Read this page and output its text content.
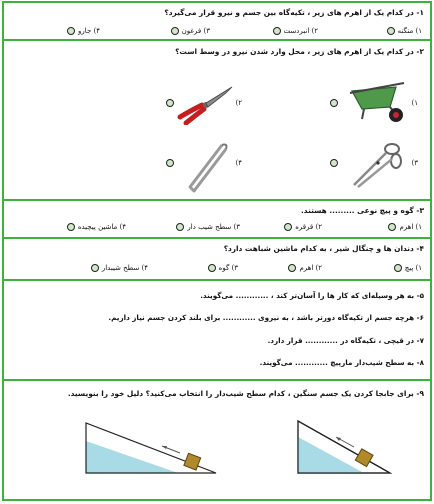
۱- در کدام یک از اهرم های زیر ، تکیه‌گاه بین جسم و نیرو قرار می‌گیرد؟
۱) منگنه
۲) انبردست
۳) فرغون
۴) جارو
۲- در کدام یک از اهرم های زیر ، محل وارد شدن نیرو در وسط است؟
۱)
۲)
۳)
۴)
۳- گوه و پیچ نوعی ......... هستند.
۱) اهرم
۲) قرقره
۳) سطح شیب دار
۴) ماشین پیچیده
۴- دندان ها و چنگال شیر ، به کدام ماشین شباهت دارد؟
۱) پیچ
۲) اهرم
۳) گوه
۴) سطح شیبدار
۵- به هر وسیله‌ای که کار ها را آسان‌تر کند ، ............ می‌گویند.
۶- هرچه جسم از تکیه‌گاه دورتر باشد ، به نیروی ............ برای بلند کردن جسم نیاز داریم.
۷- در قیچی ، تکیه‌گاه در ............ قرار دارد.
۸- به سطح شیب‌دار مارپیچ ............ می‌گویند.
۹- برای جابجا کردن یک جسم سنگین ، کدام سطح شیب‌دار را انتخاب می‌کنید؟ دلیل خود را بنویسید.
